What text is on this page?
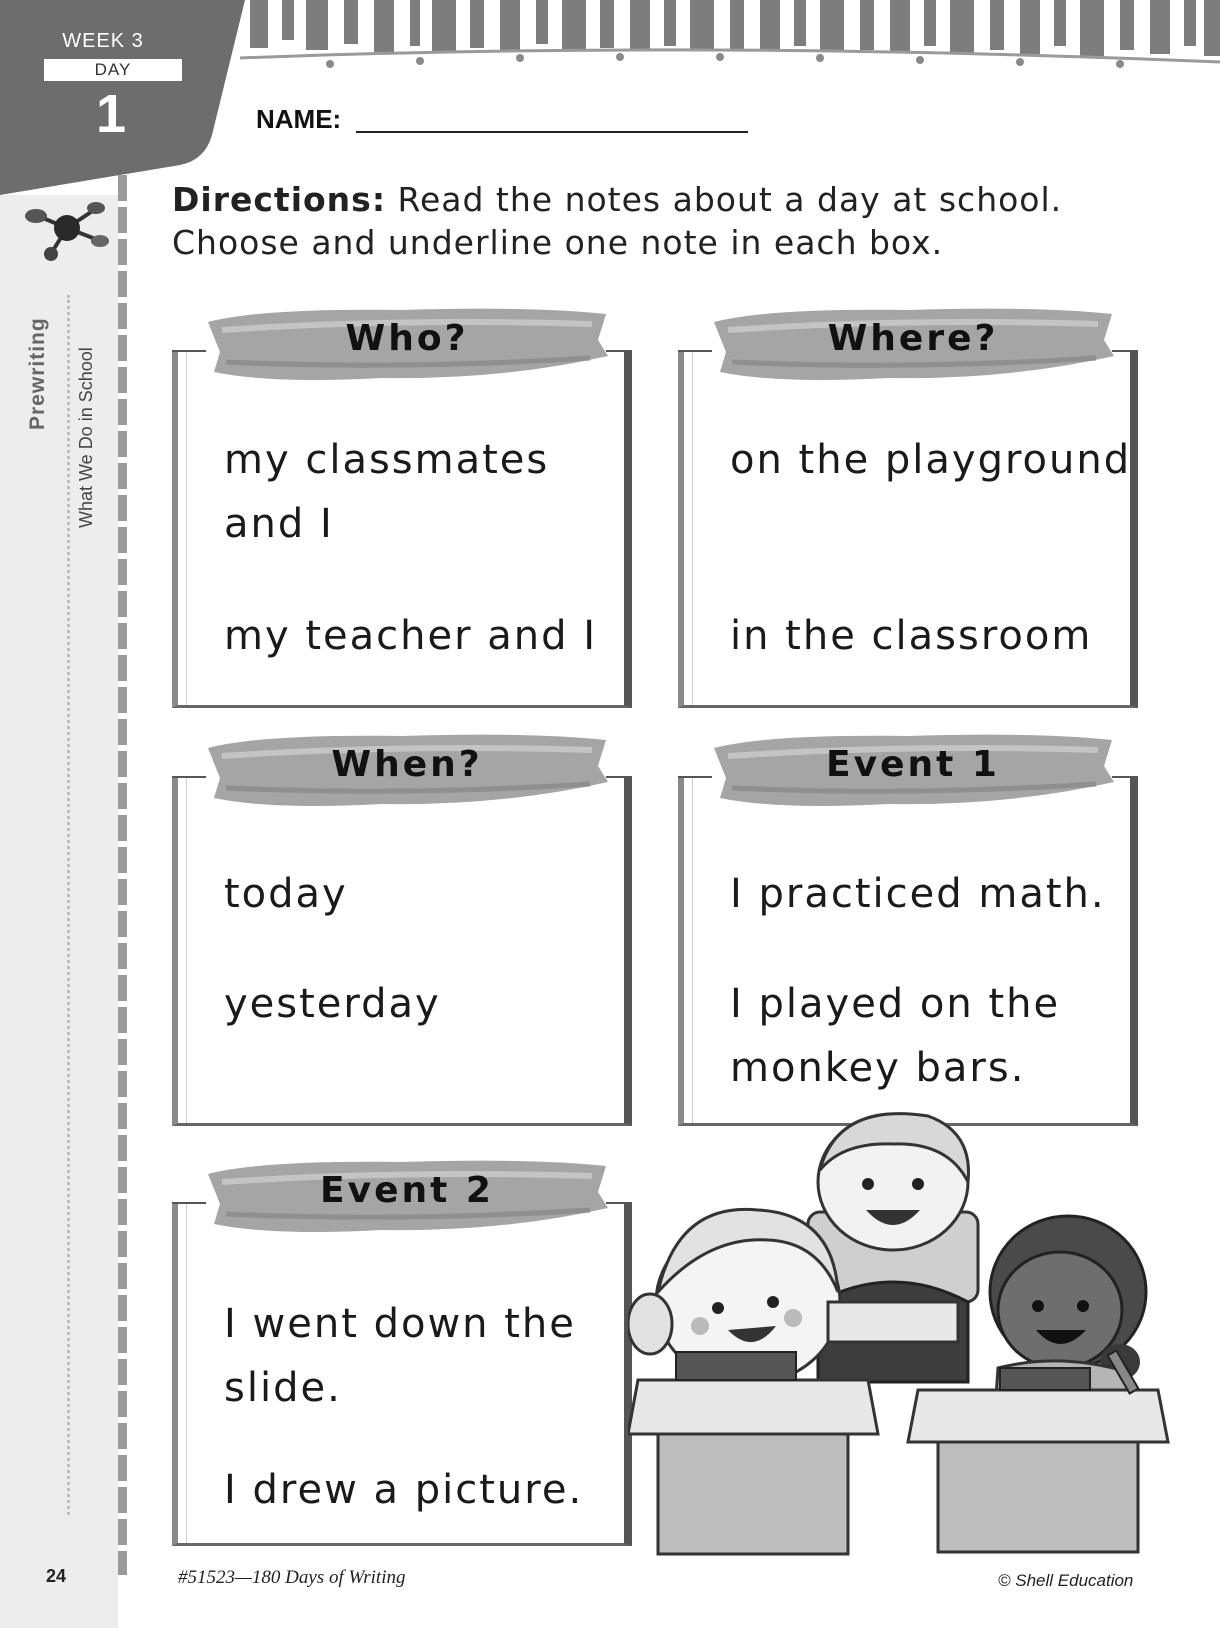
WEEK 3
DAY
1
Prewriting What We Do in School
NAME:
Directions: Read the notes about a day at school. Choose and underline one note in each box.
Who?
my classmates and I
my teacher and I
Where?
on the playground
in the classroom
When?
today
yesterday
Event 1
I practiced math.
I played on the monkey bars.
Event 2
I went down the slide.
I drew a picture.
24	#51523—180 Days of Writing	© Shell Education
